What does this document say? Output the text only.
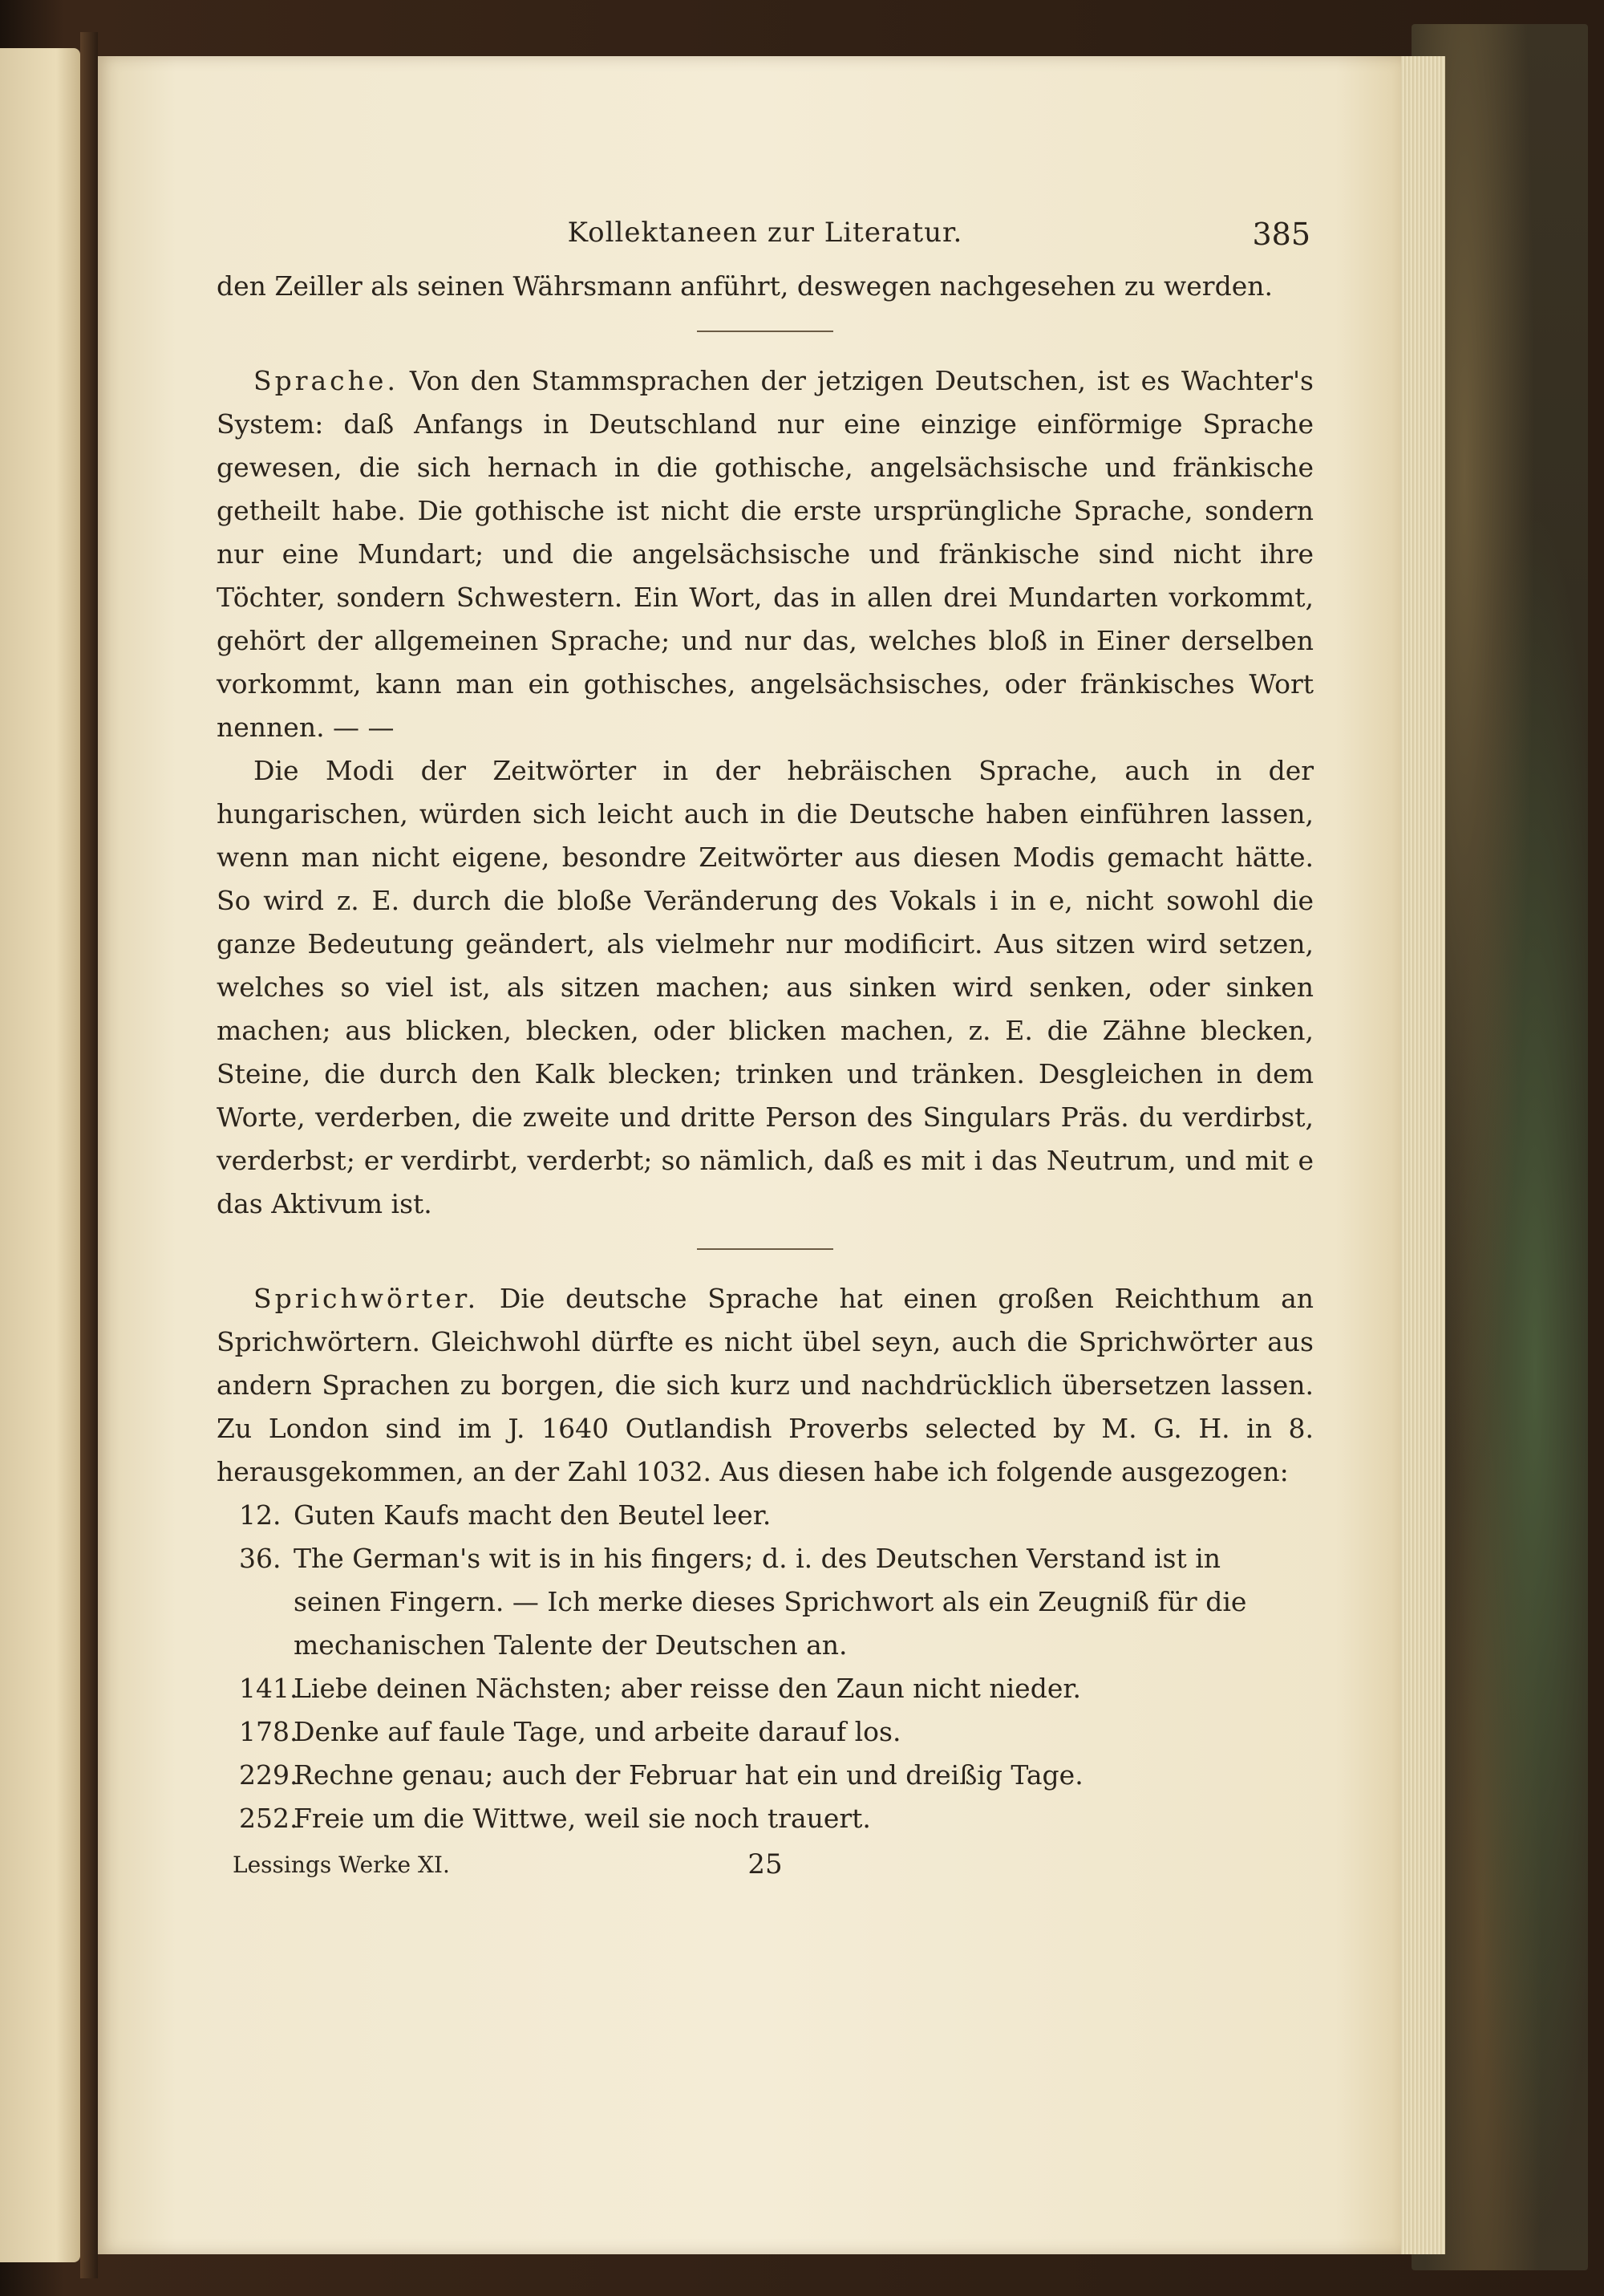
Kollektaneen zur Literatur.	385

den Zeiller als seinen Währsmann anführt, deswegen nachgesehen zu werden.

Sprache. Von den Stammsprachen der jetzigen Deutschen, ist es Wachter's System: daß Anfangs in Deutschland nur eine einzige einförmige Sprache gewesen, die sich hernach in die gothische, angelsächsische und fränkische getheilt habe. Die gothische ist nicht die erste ursprüngliche Sprache, sondern nur eine Mundart; und die angelsächsische und fränkische sind nicht ihre Töchter, sondern Schwestern. Ein Wort, das in allen drei Mundarten vorkommt, gehört der allgemeinen Sprache; und nur das, welches bloß in Einer derselben vorkommt, kann man ein gothisches, angelsächsisches, oder fränkisches Wort nennen. — —

Die Modi der Zeitwörter in der hebräischen Sprache, auch in der hungarischen, würden sich leicht auch in die Deutsche haben einführen lassen, wenn man nicht eigene, besondre Zeitwörter aus diesen Modis gemacht hätte. So wird z. E. durch die bloße Veränderung des Vokals i in e, nicht sowohl die ganze Bedeutung geändert, als vielmehr nur modificirt. Aus sitzen wird setzen, welches so viel ist, als sitzen machen; aus sinken wird senken, oder sinken machen; aus blicken, blecken, oder blicken machen, z. E. die Zähne blecken, Steine, die durch den Kalk blecken; trinken und tränken. Desgleichen in dem Worte, verderben, die zweite und dritte Person des Singulars Präs. du verdirbst, verderbst; er verdirbt, verderbt; so nämlich, daß es mit i das Neutrum, und mit e das Aktivum ist.

Sprichwörter. Die deutsche Sprache hat einen großen Reichthum an Sprichwörtern. Gleichwohl dürfte es nicht übel seyn, auch die Sprichwörter aus andern Sprachen zu borgen, die sich kurz und nachdrücklich übersetzen lassen. Zu London sind im J. 1640 Outlandish Proverbs selected by M. G. H. in 8. herausgekommen, an der Zahl 1032. Aus diesen habe ich folgende ausgezogen:

12. Guten Kaufs macht den Beutel leer.
36. The German's wit is in his fingers; d. i. des Deutschen Verstand ist in seinen Fingern. — Ich merke dieses Sprichwort als ein Zeugniß für die mechanischen Talente der Deutschen an.
141.
Liebe deinen Nächsten; aber reisse den Zaun nicht nieder.
178.
Denke auf faule Tage, und arbeite darauf los.
229.
Rechne genau; auch der Februar hat ein und dreißig Tage.
252.
Freie um die Wittwe, weil sie noch trauert.
Lessings Werke XI.	25
